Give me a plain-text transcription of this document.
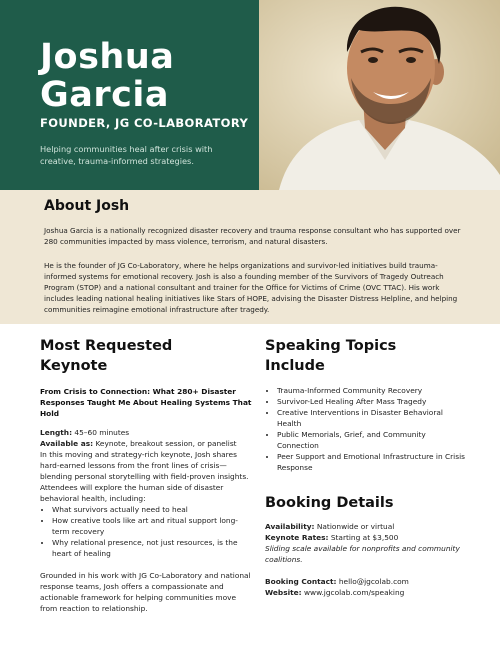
Joshua
Garcia
FOUNDER, JG CO-LABORATORY
Helping communities heal after crisis with creative, trauma-informed strategies.
About Josh

Joshua Garcia is a nationally recognized disaster recovery and trauma response consultant who has supported over 280 communities impacted by mass violence, terrorism, and natural disasters.

He is the founder of JG Co-Laboratory, where he helps organizations and survivor-led initiatives build trauma-informed systems for emotional recovery. Josh is also a founding member of the Survivors of Tragedy Outreach Program (STOP) and a national consultant and trainer for the Office for Victims of Crime (OVC TTAC). His work includes leading national healing initiatives like Stars of HOPE, advising the Disaster Distress Helpline, and helping communities reimagine emotional infrastructure after tragedy.

Most Requested
Keynote
From Crisis to Connection: What 280+ Disaster Responses Taught Me About Healing Systems That Hold
Length: 45–60 minutes
Available as: Keynote, breakout session, or panelist
In this moving and strategy-rich keynote, Josh shares hard-earned lessons from the front lines of crisis—blending personal storytelling with field-proven insights. Attendees will explore the human side of disaster behavioral health, including:
• What survivors actually need to heal
• How creative tools like art and ritual support long-term recovery
• Why relational presence, not just resources, is the heart of healing
Grounded in his work with JG Co-Laboratory and national response teams, Josh offers a compassionate and actionable framework for helping communities move from reaction to relationship.
Speaking Topics
Include
• Trauma-Informed Community Recovery
• Survivor-Led Healing After Mass Tragedy
• Creative Interventions in Disaster Behavioral Health
• Public Memorials, Grief, and Community Connection
• Peer Support and Emotional Infrastructure in Crisis Response
Booking Details
Availability: Nationwide or virtual
Keynote Rates: Starting at $3,500
Sliding scale available for nonprofits and community coalitions.
Booking Contact: hello@jgcolab.com
Website: www.jgcolab.com/speaking
